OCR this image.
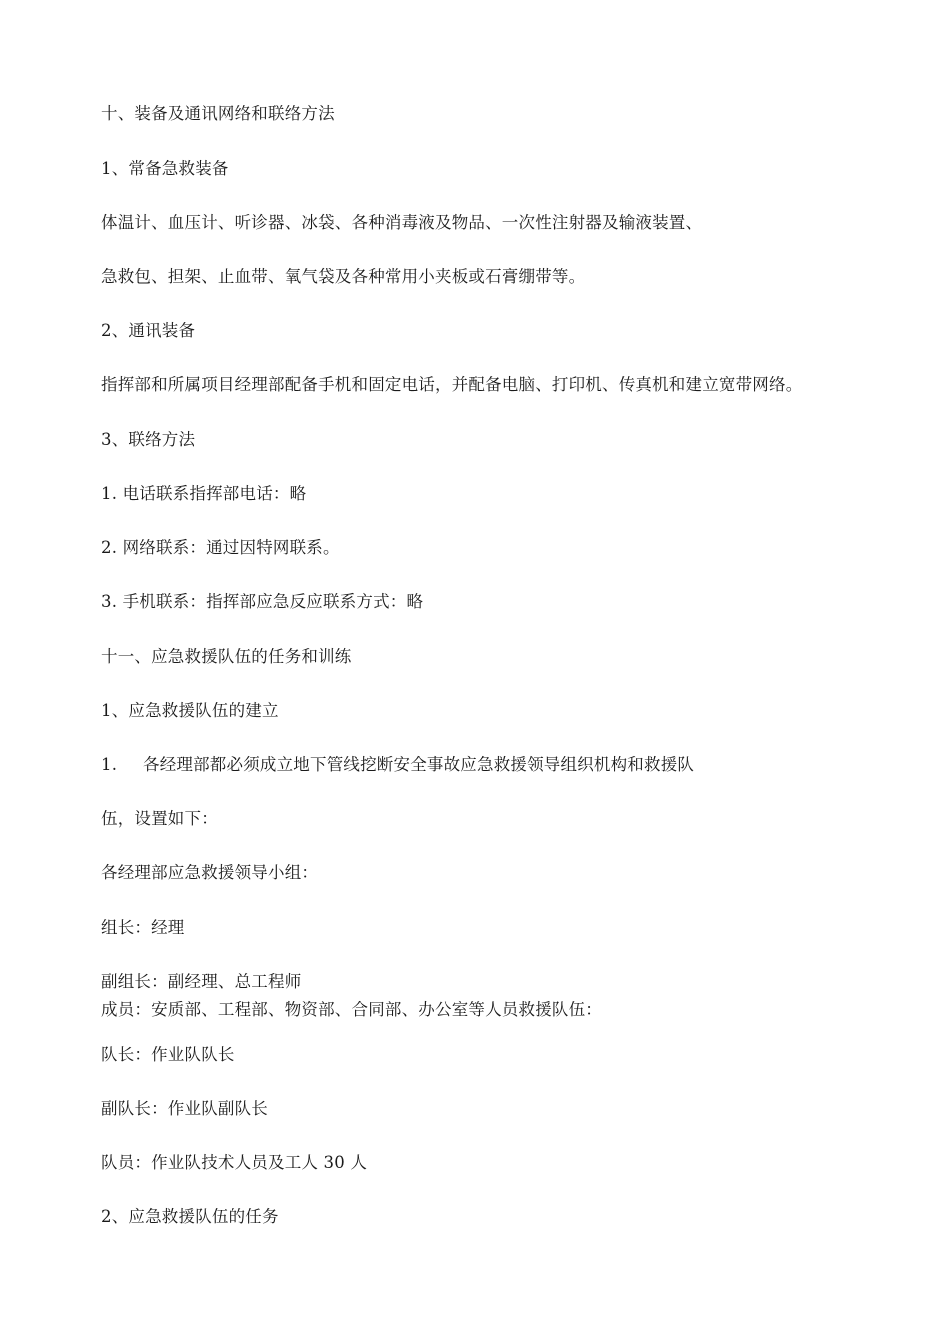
十、装备及通讯网络和联络方法
1、常备急救装备
体温计、血压计、听诊器、冰袋、各种消毒液及物品、一次性注射器及输液装置、
急救包、担架、止血带、氧气袋及各种常用小夹板或石膏绷带等。
2、通讯装备
指挥部和所属项目经理部配备手机和固定电话，并配备电脑、打印机、传真机和建立宽带网络。
3、联络方法
1. 电话联系指挥部电话：略
2. 网络联系：通过因特网联系。
3. 手机联系：指挥部应急反应联系方式：略
十一、应急救援队伍的任务和训练
1、应急救援队伍的建立
1. 各经理部都必须成立地下管线挖断安全事故应急救援领导组织机构和救援队
伍，设置如下：
各经理部应急救援领导小组：
组长：经理
副组长：副经理、总工程师
成员：安质部、工程部、物资部、合同部、办公室等人员救援队伍：
队长：作业队队长
副队长：作业队副队长
队员：作业队技术人员及工人 30 人
2、应急救援队伍的任务
